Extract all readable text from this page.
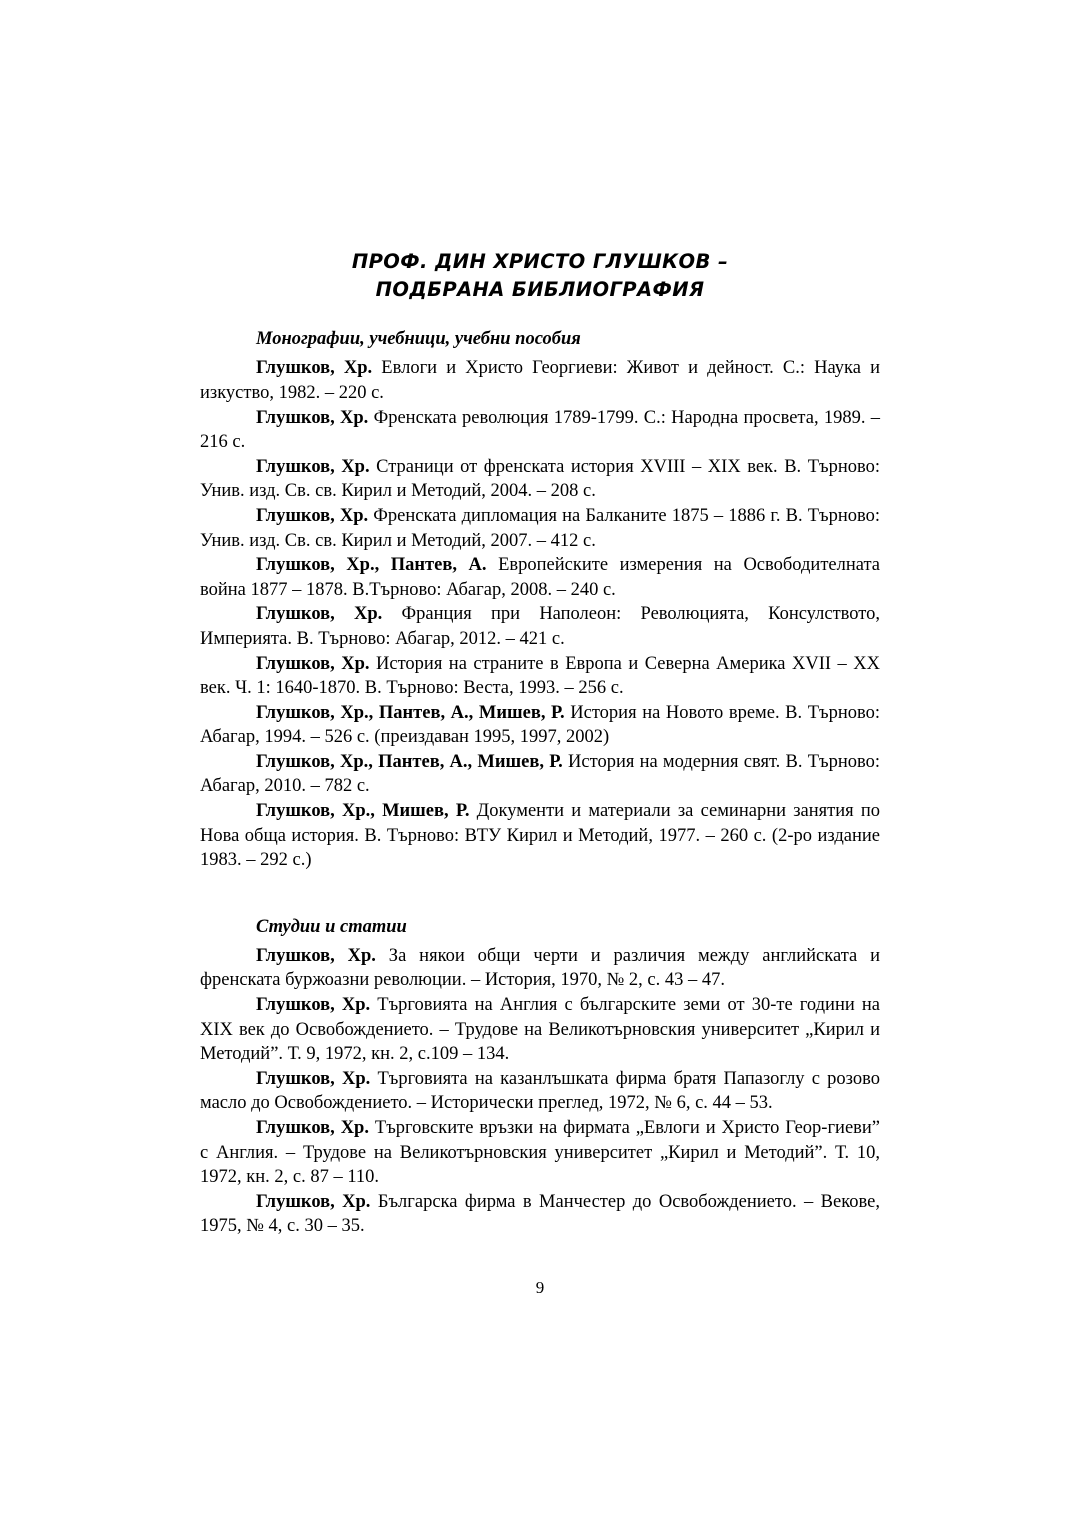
ПРОФ. ДИН ХРИСТО ГЛУШКОВ –
ПОДБРАНА БИБЛИОГРАФИЯ
Монографии, учебници, учебни пособия

Глушков, Хр. Евлоги и Христо Георгиеви: Живот и дейност. С.: Наука и изкуство, 1982. – 220 с.

Глушков, Хр. Френската революция 1789-1799. С.: Народна просвета, 1989. – 216 с.

Глушков, Хр. Страници от френската история XVIII – XIX век. В. Търново: Унив. изд. Св. св. Кирил и Методий, 2004. – 208 с.

Глушков, Хр. Френската дипломация на Балканите 1875 – 1886 г. В. Търново: Унив. изд. Св. св. Кирил и Методий, 2007. – 412 с.

Глушков, Хр., Пантев, А. Европейските измерения на Освободителната война 1877 – 1878. В.Търново: Абагар, 2008. – 240 с.

Глушков, Хр. Франция при Наполеон: Революцията, Консулството, Империята. В. Търново: Абагар, 2012. – 421 с.

Глушков, Хр. История на страните в Европа и Северна Америка XVII – XX век. Ч. 1: 1640-1870. В. Търново: Веста, 1993. – 256 с.

Глушков, Хр., Пантев, А., Мишев, Р. История на Новото време. В. Търново: Абагар, 1994. – 526 с. (преиздаван 1995, 1997, 2002)

Глушков, Хр., Пантев, А., Мишев, Р. История на модерния свят. В. Търново: Абагар, 2010. – 782 с.

Глушков, Хр., Мишев, Р. Документи и материали за семинарни занятия по Нова обща история. В. Търново: ВТУ Кирил и Методий, 1977. – 260 с. (2-ро издание 1983. – 292 с.)

Студии и статии

Глушков, Хр. За някои общи черти и различия между английската и френската буржоазни революции. – История, 1970, № 2, с. 43 – 47.

Глушков, Хр. Търговията на Англия с българските земи от 30-те години на XIX век до Освобождението. – Трудове на Великотърновския университет „Кирил и Методий”. Т. 9, 1972, кн. 2, с.109 – 134.

Глушков, Хр. Търговията на казанлъшката фирма братя Папазоглу с розово масло до Освобождението. – Исторически преглед, 1972, № 6, с. 44 – 53.

Глушков, Хр. Търговските връзки на фирмата „Евлоги и Христо Геор-гиеви” с Англия. – Трудове на Великотърновския университет „Кирил и Методий”. Т. 10, 1972, кн. 2, с. 87 – 110.

Глушков, Хр. Българска фирма в Манчестер до Освобождението. – Векове, 1975, № 4, с. 30 – 35.

9
